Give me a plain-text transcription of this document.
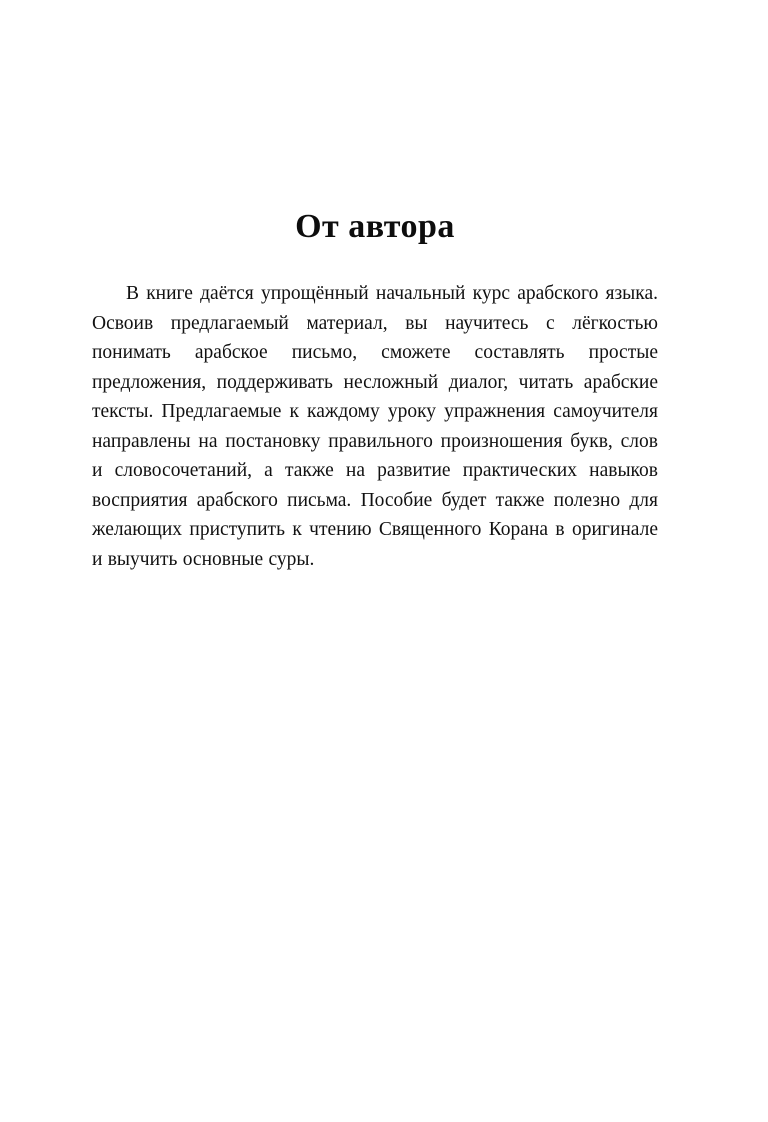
От автора

В книге даётся упрощённый начальный курс арабского языка. Освоив предлагаемый материал, вы научитесь с лёгкостью понимать арабское письмо, сможете составлять простые предложения, поддерживать несложный диалог, читать арабские тексты. Предлагаемые к каждому уроку упражнения самоучителя направлены на постановку правильного произношения букв, слов и словосочетаний, а также на развитие практических навыков восприятия арабского письма. Пособие будет также полезно для желающих приступить к чтению Священного Корана в оригинале и выучить основные суры.
